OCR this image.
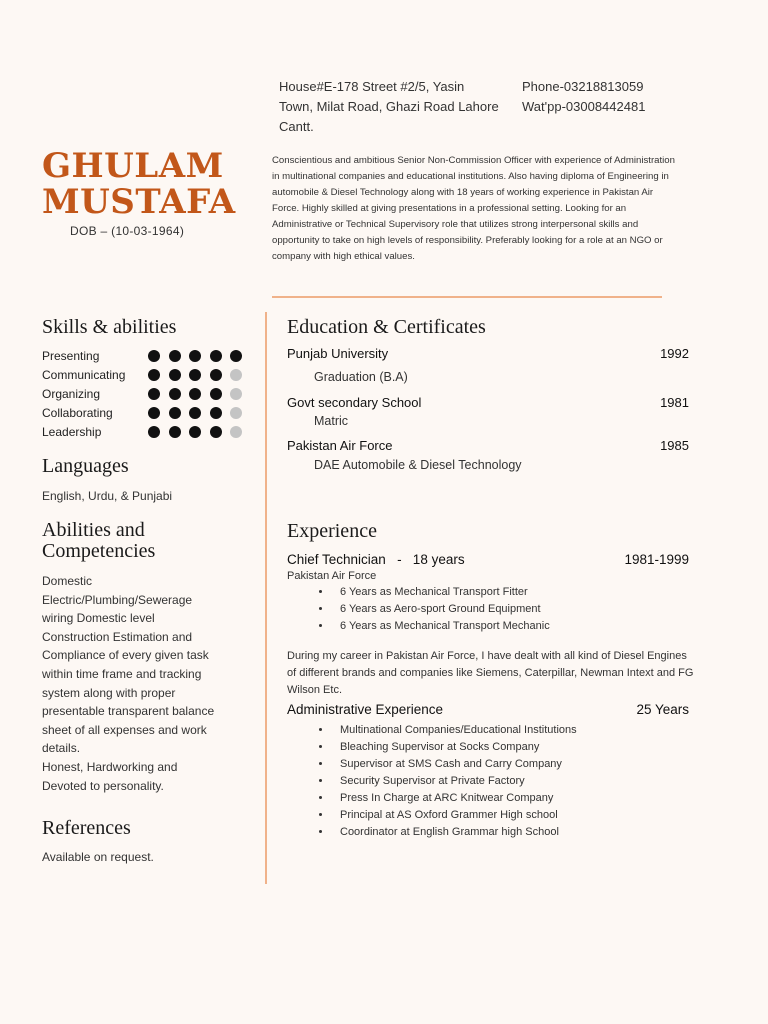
House#E-178 Street #2/5, Yasin
Town, Milat Road, Ghazi Road Lahore
Cantt.
Phone-03218813059
Wat'pp-03008442481
GHULAM
MUSTAFA
DOB – (10-03-1964)
Conscientious and ambitious Senior Non-Commission Officer with experience of Administration in multinational companies and educational institutions. Also having diploma of Engineering in automobile & Diesel Technology along with 18 years of working experience in Pakistan Air Force. Highly skilled at giving presentations in a professional setting. Looking for an Administrative or Technical Supervisory role that utilizes strong interpersonal skills and opportunity to take on high levels of responsibility. Preferably looking for a role at an NGO or company with high ethical values.
Skills & abilities
Presenting
Communicating
Organizing
Collaborating
Leadership
Languages
English, Urdu, & Punjabi
Abilities and
Competencies
Domestic
Electric/Plumbing/Sewerage
wiring Domestic level
Construction Estimation and
Compliance of every given task
within time frame and tracking
system along with proper
presentable transparent balance
sheet of all expenses and work
details.
Honest, Hardworking and
Devoted to personality.
References
Available on request.
Education & Certificates
Punjab University	1992
Graduation (B.A)
Govt secondary School	1981
Matric
Pakistan Air Force	1985
DAE Automobile & Diesel Technology
Experience
Chief Technician   -   18 years	1981-1999
Pakistan Air Force
• 6 Years as Mechanical Transport Fitter
• 6 Years as Aero-sport Ground Equipment
• 6 Years as Mechanical Transport Mechanic
During my career in Pakistan Air Force, I have dealt with all kind of Diesel Engines of different brands and companies like Siemens, Caterpillar, Newman Intext and FG Wilson Etc.
Administrative Experience	25 Years
• Multinational Companies/Educational Institutions
• Bleaching Supervisor at Socks Company
• Supervisor at SMS Cash and Carry Company
• Security Supervisor at Private Factory
• Press In Charge at ARC Knitwear Company
• Principal at AS Oxford Grammer High school
• Coordinator at English Grammar high School
